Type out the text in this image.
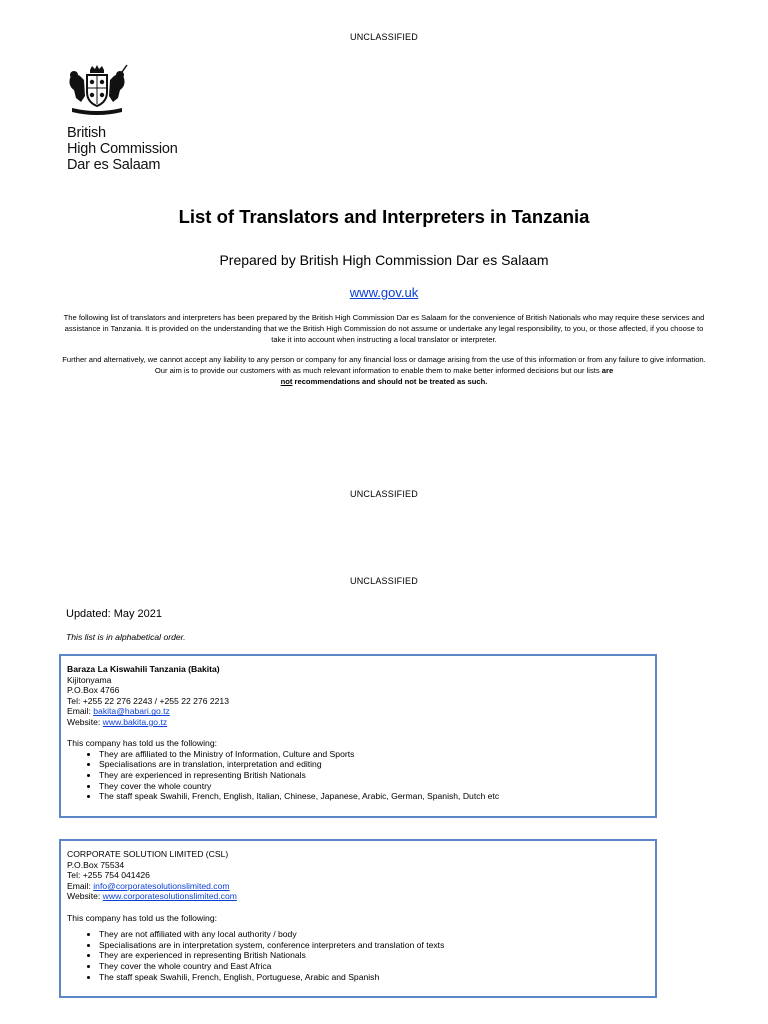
UNCLASSIFIED
British
High Commission
Dar es Salaam
List of Translators and Interpreters in Tanzania
Prepared by British High Commission Dar es Salaam
www.gov.uk
The following list of translators and interpreters has been prepared by the British High Commission Dar es Salaam for the convenience of British Nationals who may require these services and assistance in Tanzania. It is provided on the understanding that we the British High Commission do not assume or undertake any legal responsibility, to you, or those affected, if you choose to take it into account when instructing a local translator or interpreter.
Further and alternatively, we cannot accept any liability to any person or company for any financial loss or damage arising from the use of this information or from any failure to give information. Our aim is to provide our customers with as much relevant information to enable them to make better informed decisions but our lists are
not recommendations and should not be treated as such.
UNCLASSIFIED
UNCLASSIFIED
Updated: May 2021
This list is in alphabetical order.
Baraza La Kiswahili Tanzania (Bakita)
Kijitonyama
P.O.Box 4766
Tel: +255 22 276 2243 / +255 22 276 2213
Email: bakita@habari.go.tz
Website: www.bakita.go.tz
This company has told us the following:
• They are affiliated to the Ministry of Information, Culture and Sports
• Specialisations are in translation, interpretation and editing
• They are experienced in representing British Nationals
• They cover the whole country
• The staff speak Swahili, French, English, Italian, Chinese, Japanese, Arabic, German, Spanish, Dutch etc
CORPORATE SOLUTION LIMITED (CSL)
P.O.Box 75534
Tel: +255 754 041426
Email: info@corporatesolutionslimited.com
Website: www.corporatesolutionslimited.com
This company has told us the following:
• They are not affiliated with any local authority / body
• Specialisations are in interpretation system, conference interpreters and translation of texts
• They are experienced in representing British Nationals
• They cover the whole country and East Africa
• The staff speak Swahili, French, English, Portuguese, Arabic and Spanish
